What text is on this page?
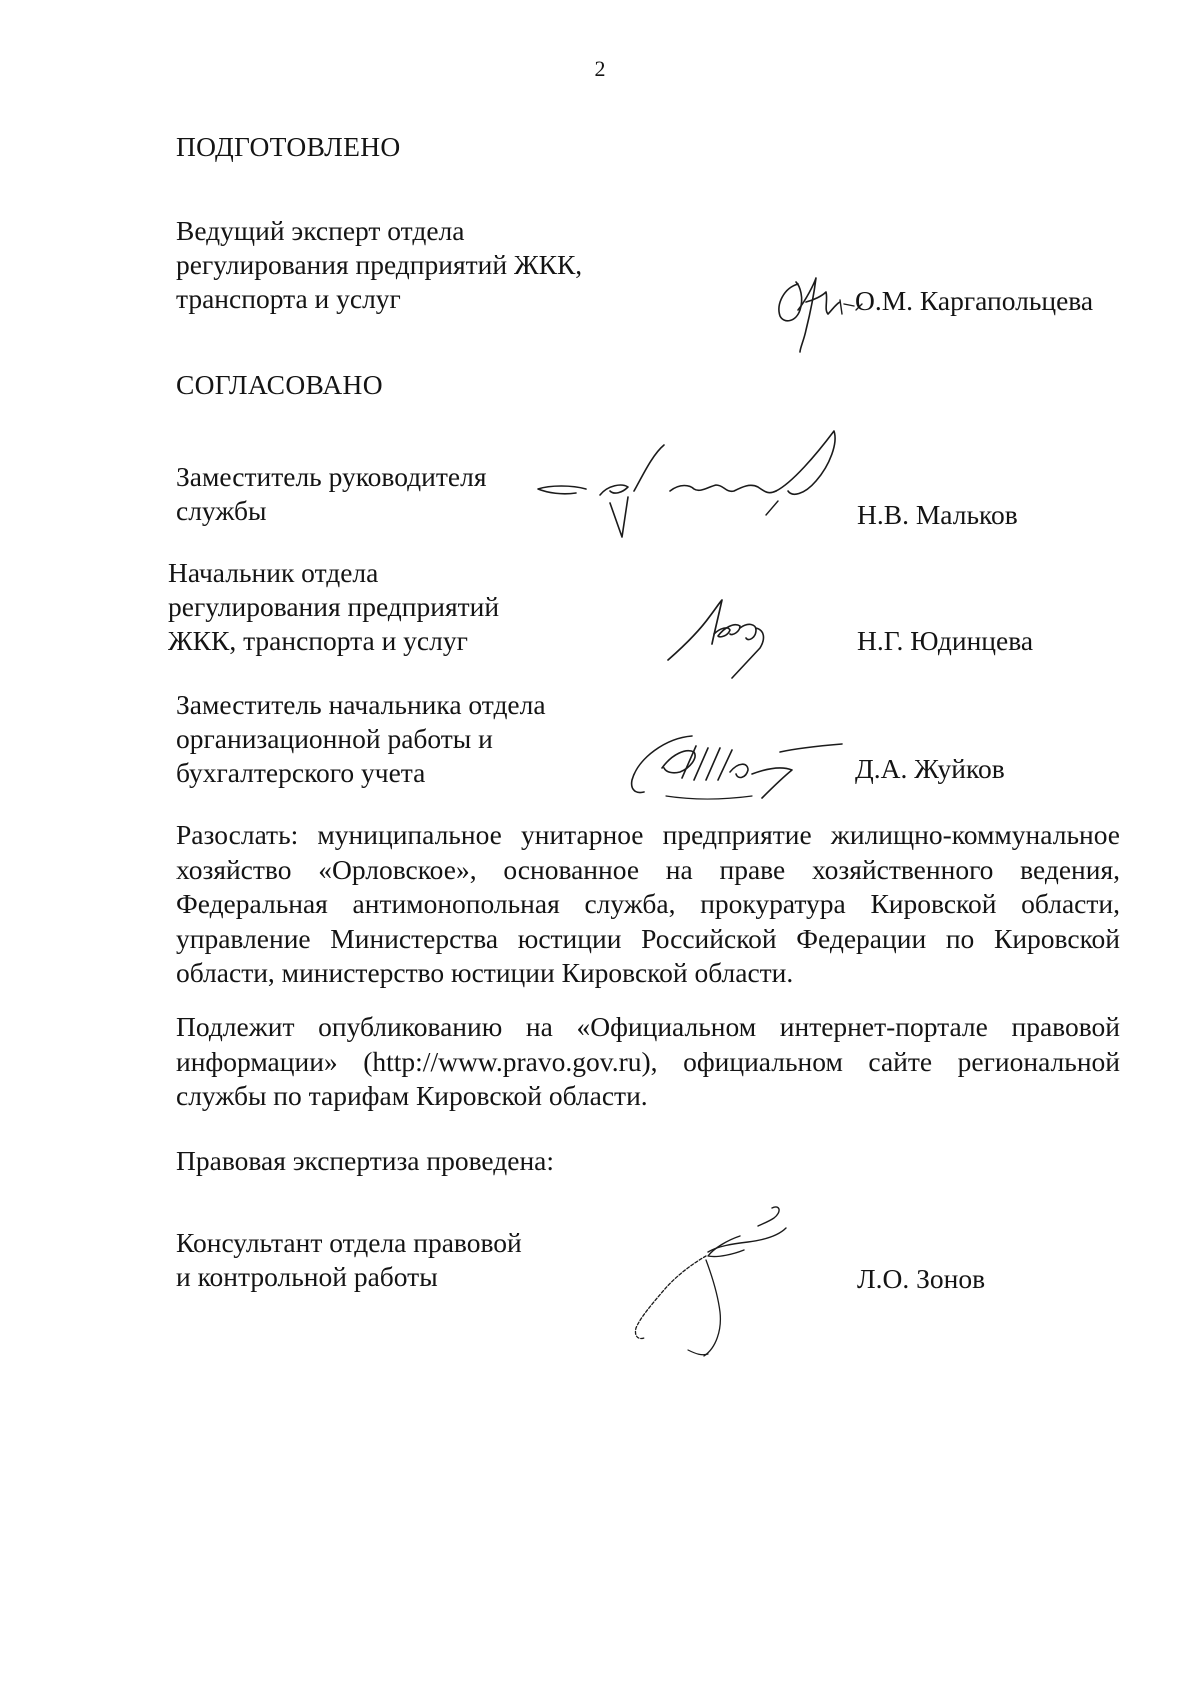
2
ПОДГОТОВЛЕНО
Ведущий эксперт отдела
регулирования предприятий ЖКК,
транспорта и услуг	О.М. Каргапольцева
СОГЛАСОВАНО
Заместитель руководителя
службы	Н.В. Мальков
Начальник отдела
регулирования предприятий
ЖКК, транспорта и услуг	Н.Г. Юдинцева
Заместитель начальника отдела
организационной работы и
бухгалтерского учета	Д.А. Жуйков

Разослать: муниципальное унитарное предприятие жилищно-коммунальное хозяйство «Орловское», основанное на праве хозяйственного ведения, Федеральная антимонопольная служба, прокуратура Кировской области, управление Министерства юстиции Российской Федерации по Кировской области, министерство юстиции Кировской области.

Подлежит опубликованию на «Официальном интернет-портале правовой информации» (http://www.pravo.gov.ru), официальном сайте региональной службы по тарифам Кировской области.

Правовая экспертиза проведена:

Консультант отдела правовой
и контрольной работы	Л.О. Зонов
